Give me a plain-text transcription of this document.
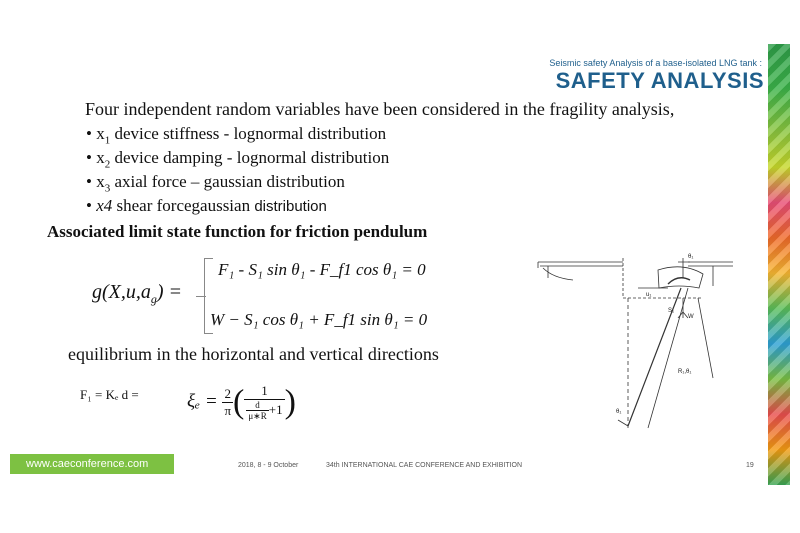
Seismic safety Analysis of a base-isolated LNG tank :
SAFETY ANALYSIS
Four independent random variables have been considered in the fragility analysis,
• $x_1$ device stiffness - lognormal distribution
• $x_2$ device damping - lognormal distribution
• $x_3$ axial force – gaussian distribution
• x4 shear forcegaussian distribution
Associated limit state function for friction pendulum
$g(X,u,a_g)$ =
F₁ - S₁ sin θ₁ - F_f1 cos θ₁ = 0
W − S₁ cos θ₁ + F_f1 sin θ₁ = 0
equilibrium in the horizontal and vertical directions
F₁ = Kₑ d =	$\xi_e = \frac{2}{\pi}$ ( $\frac{1}{\frac{d}{\mu∗R} +1}$ )
θ₁
W
u₁
S₁
R₁,θ₁
θ₁
www.caeconference.com	2018, 8 - 9 October	34th INTERNATIONAL CAE CONFERENCE AND EXHIBITION	19
